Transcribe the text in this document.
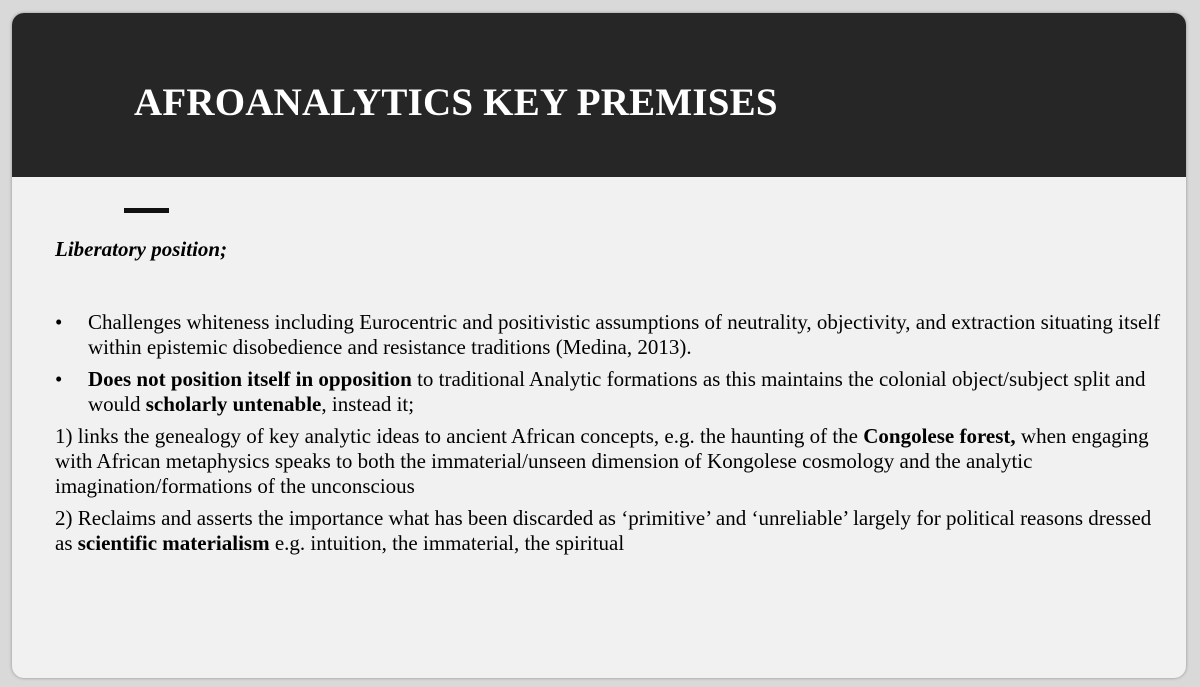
AFROANALYTICS KEY PREMISES

Liberatory position;

• Challenges whiteness including Eurocentric and positivistic assumptions of neutrality, objectivity, and extraction situating itself within epistemic disobedience and resistance traditions (Medina, 2013).
• Does not position itself in opposition to traditional Analytic formations as this maintains the colonial object/subject split and would scholarly untenable, instead it;

1) links the genealogy of key analytic ideas to ancient African concepts, e.g. the haunting of the Congolese forest, when engaging with African metaphysics speaks to both the immaterial/unseen dimension of Kongolese cosmology and the analytic imagination/formations of the unconscious

2) Reclaims and asserts the importance what has been discarded as ‘primitive’ and ‘unreliable’ largely for political reasons dressed as scientific materialism e.g. intuition, the immaterial, the spiritual
